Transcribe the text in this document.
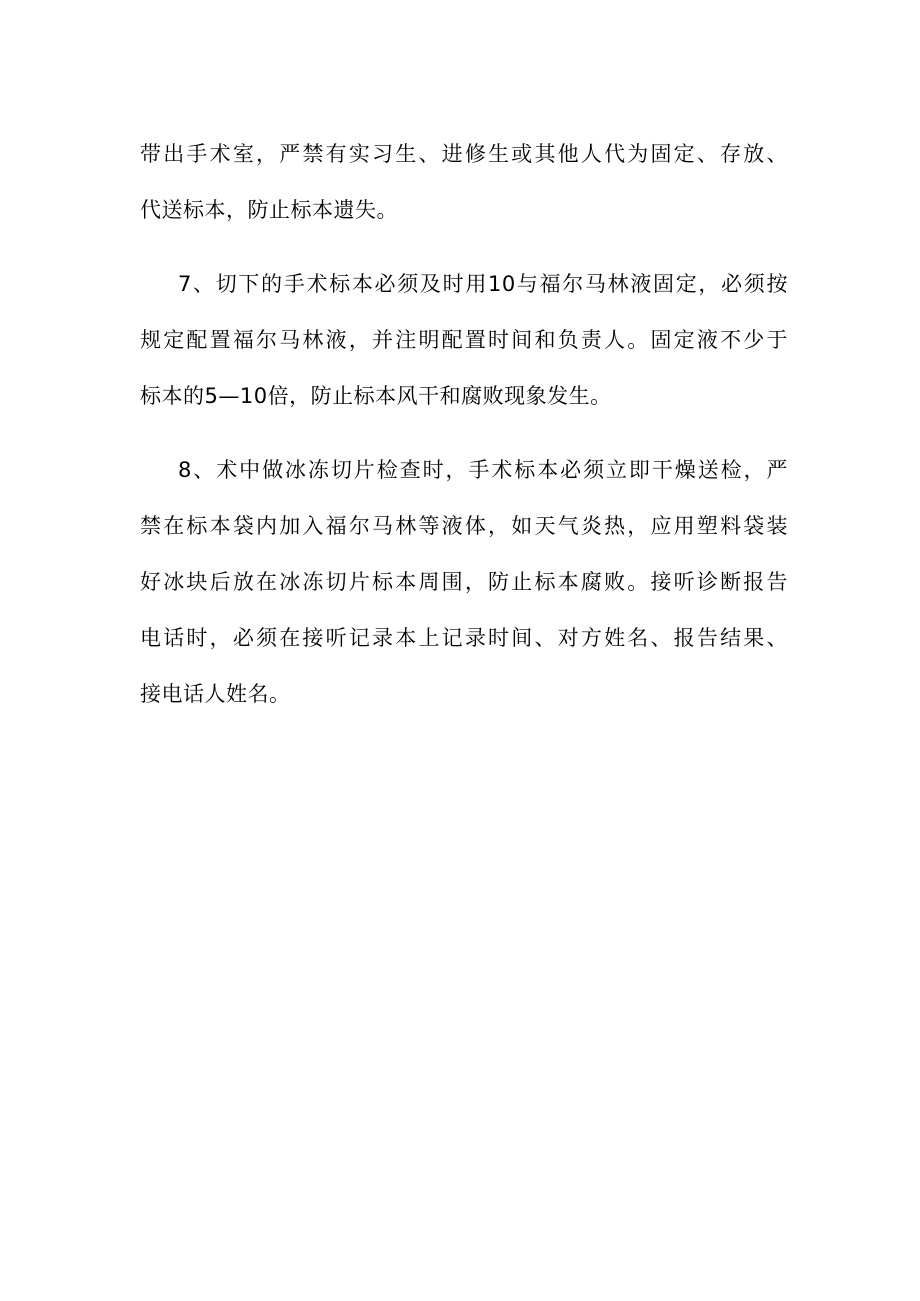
带出手术室，严禁有实习生、进修生或其他人代为固定、存放、
代送标本，防止标本遗失。
7、切下的手术标本必须及时用10与福尔马林液固定，必须按
规定配置福尔马林液，并注明配置时间和负责人。固定液不少于
标本的5—10倍，防止标本风干和腐败现象发生。
8、术中做冰冻切片检查时，手术标本必须立即干燥送检，严
禁在标本袋内加入福尔马林等液体，如天气炎热，应用塑料袋装
好冰块后放在冰冻切片标本周围，防止标本腐败。接听诊断报告
电话时，必须在接听记录本上记录时间、对方姓名、报告结果、
接电话人姓名。
